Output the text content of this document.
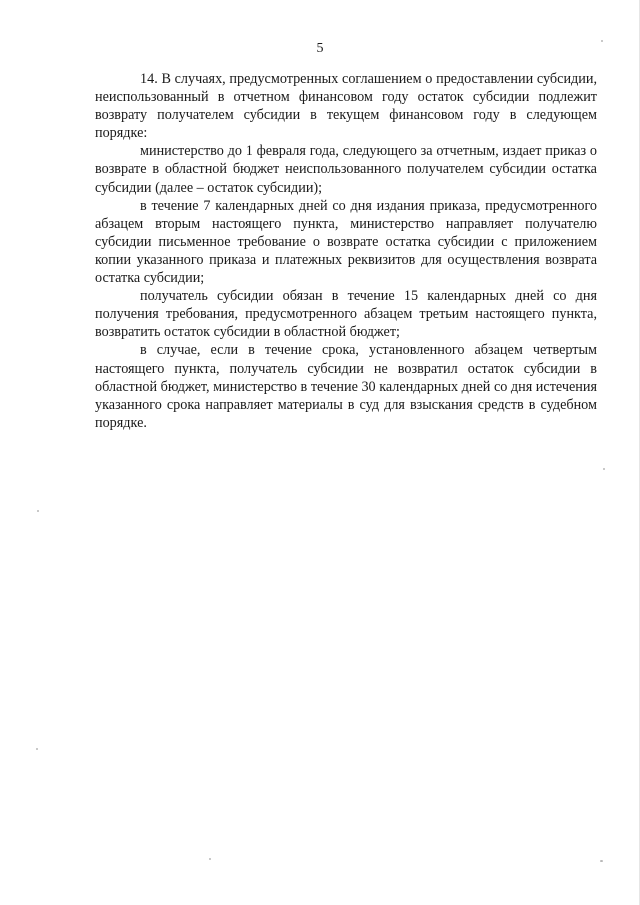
5

14. В случаях, предусмотренных соглашением о предоставлении субсидии, неиспользованный в отчетном финансовом году остаток субсидии подлежит возврату получателем субсидии в текущем финансовом году в следующем порядке:

министерство до 1 февраля года, следующего за отчетным, издает приказ о возврате в областной бюджет неиспользованного получателем субсидии остатка субсидии (далее – остаток субсидии);

в течение 7 календарных дней со дня издания приказа, предусмотренного абзацем вторым настоящего пункта, министерство направляет получателю субсидии письменное требование о возврате остатка субсидии с приложением копии указанного приказа и платежных реквизитов для осуществления возврата остатка субсидии;

получатель субсидии обязан в течение 15 календарных дней со дня получения требования, предусмотренного абзацем третьим настоящего пункта, возвратить остаток субсидии в областной бюджет;

в случае, если в течение срока, установленного абзацем четвертым настоящего пункта, получатель субсидии не возвратил остаток субсидии в областной бюджет, министерство в течение 30 календарных дней со дня истечения указанного срока направляет материалы в суд для взыскания средств в судебном порядке.
